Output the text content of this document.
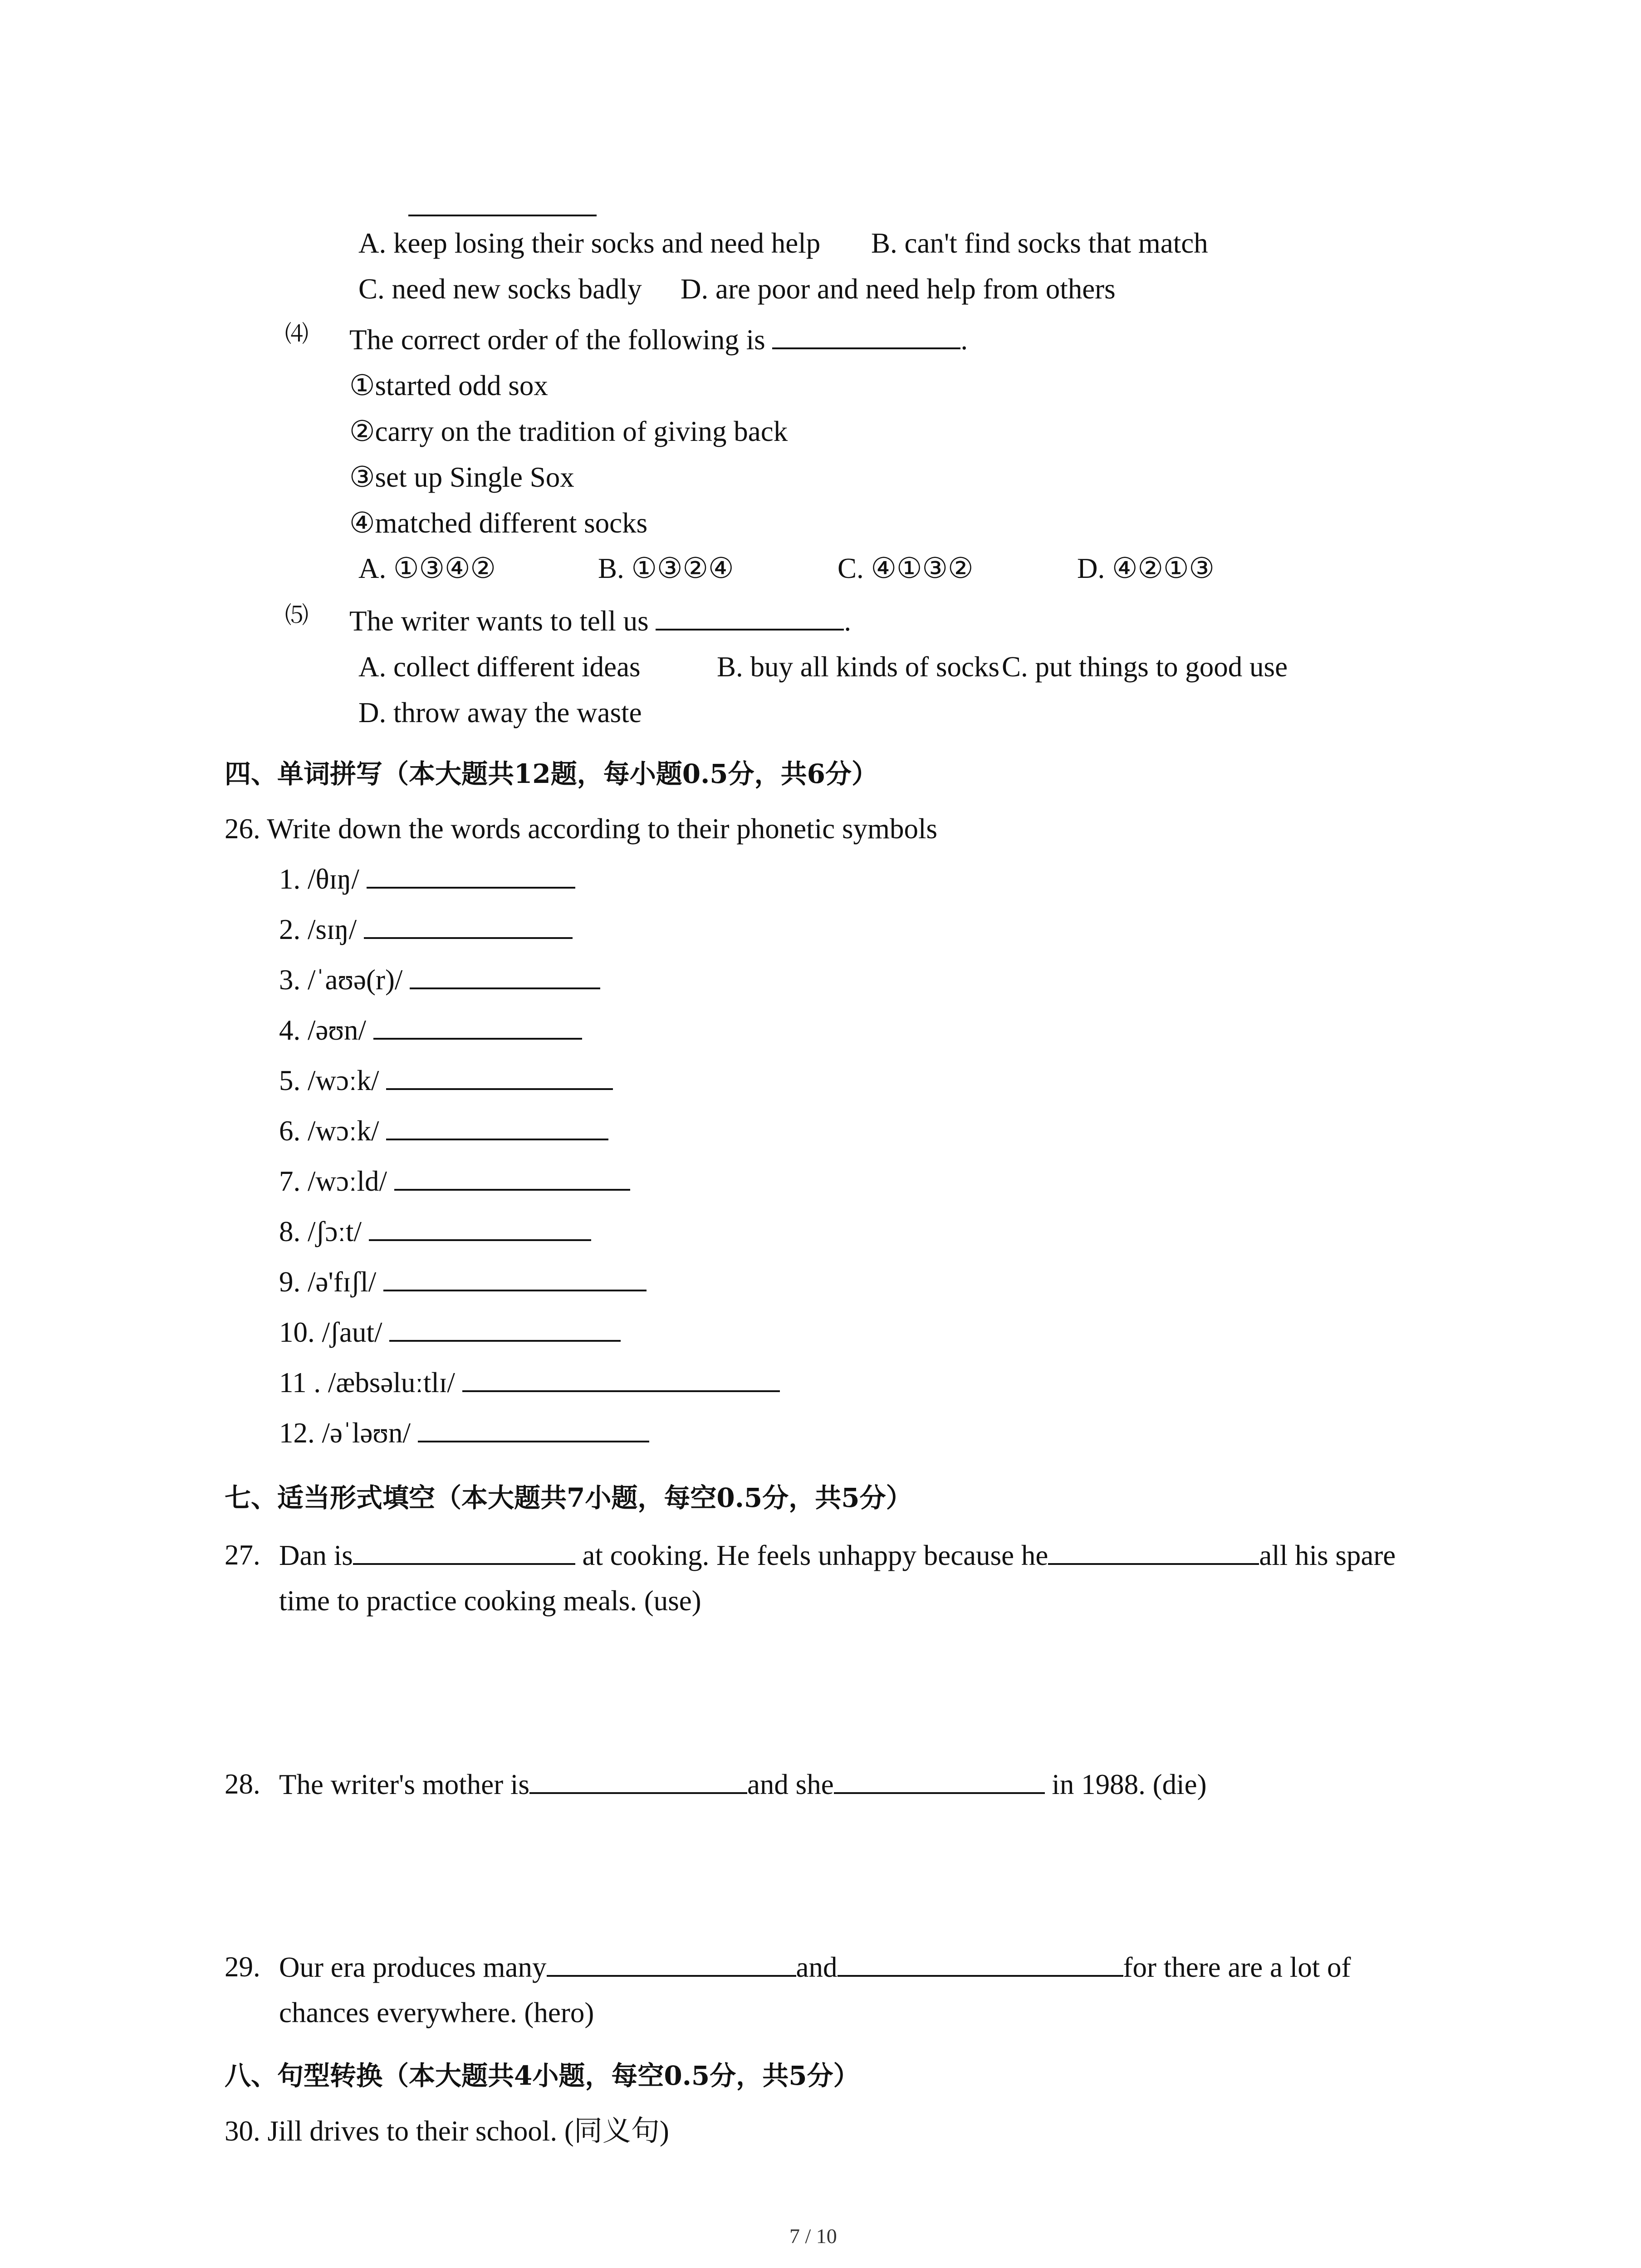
A. keep losing their socks and need help B. can't find socks that match
C. need new socks badly D. are poor and need help from others
⑷ The correct order of the following is	.
①started odd sox
②carry on the tradition of giving back
③set up Single Sox
④matched different socks
A. ①③④②	B. ①③②④	C. ④①③②	D. ④②①③
⑸ The writer wants to tell us	.
A. collect different ideas	B. buy all kinds of socks C. put things to good use
D. throw away the waste
四、单词拼写（本大题共12题，每小题0.5分，共6分）
26. Write down the words according to their phonetic symbols
1. /θɪŋ/
2. /sɪŋ/
3. /ˈaʊə(r)/
4. /əʊn/
5. /wɔːk/
6. /wɔːk/
7. /wɔːld/
8. /ʃɔːt/
9. /ə'fɪʃl/
10. /ʃaut/
11 . /æbsəluːtlɪ/
12. /əˈləʊn/
七、适当形式填空（本大题共7小题，每空0.5分，共5分）
27. Dan is	at cooking. He feels unhappy because he	all his spare
time to practice cooking meals. (use)
28. The writer's mother is	and she	in 1988. (die)
29. Our era produces many	and	for there are a lot of
chances everywhere. (hero)
八、句型转换（本大题共4小题，每空0.5分，共5分）
30. Jill drives to their school. (同义句)
7 / 10
